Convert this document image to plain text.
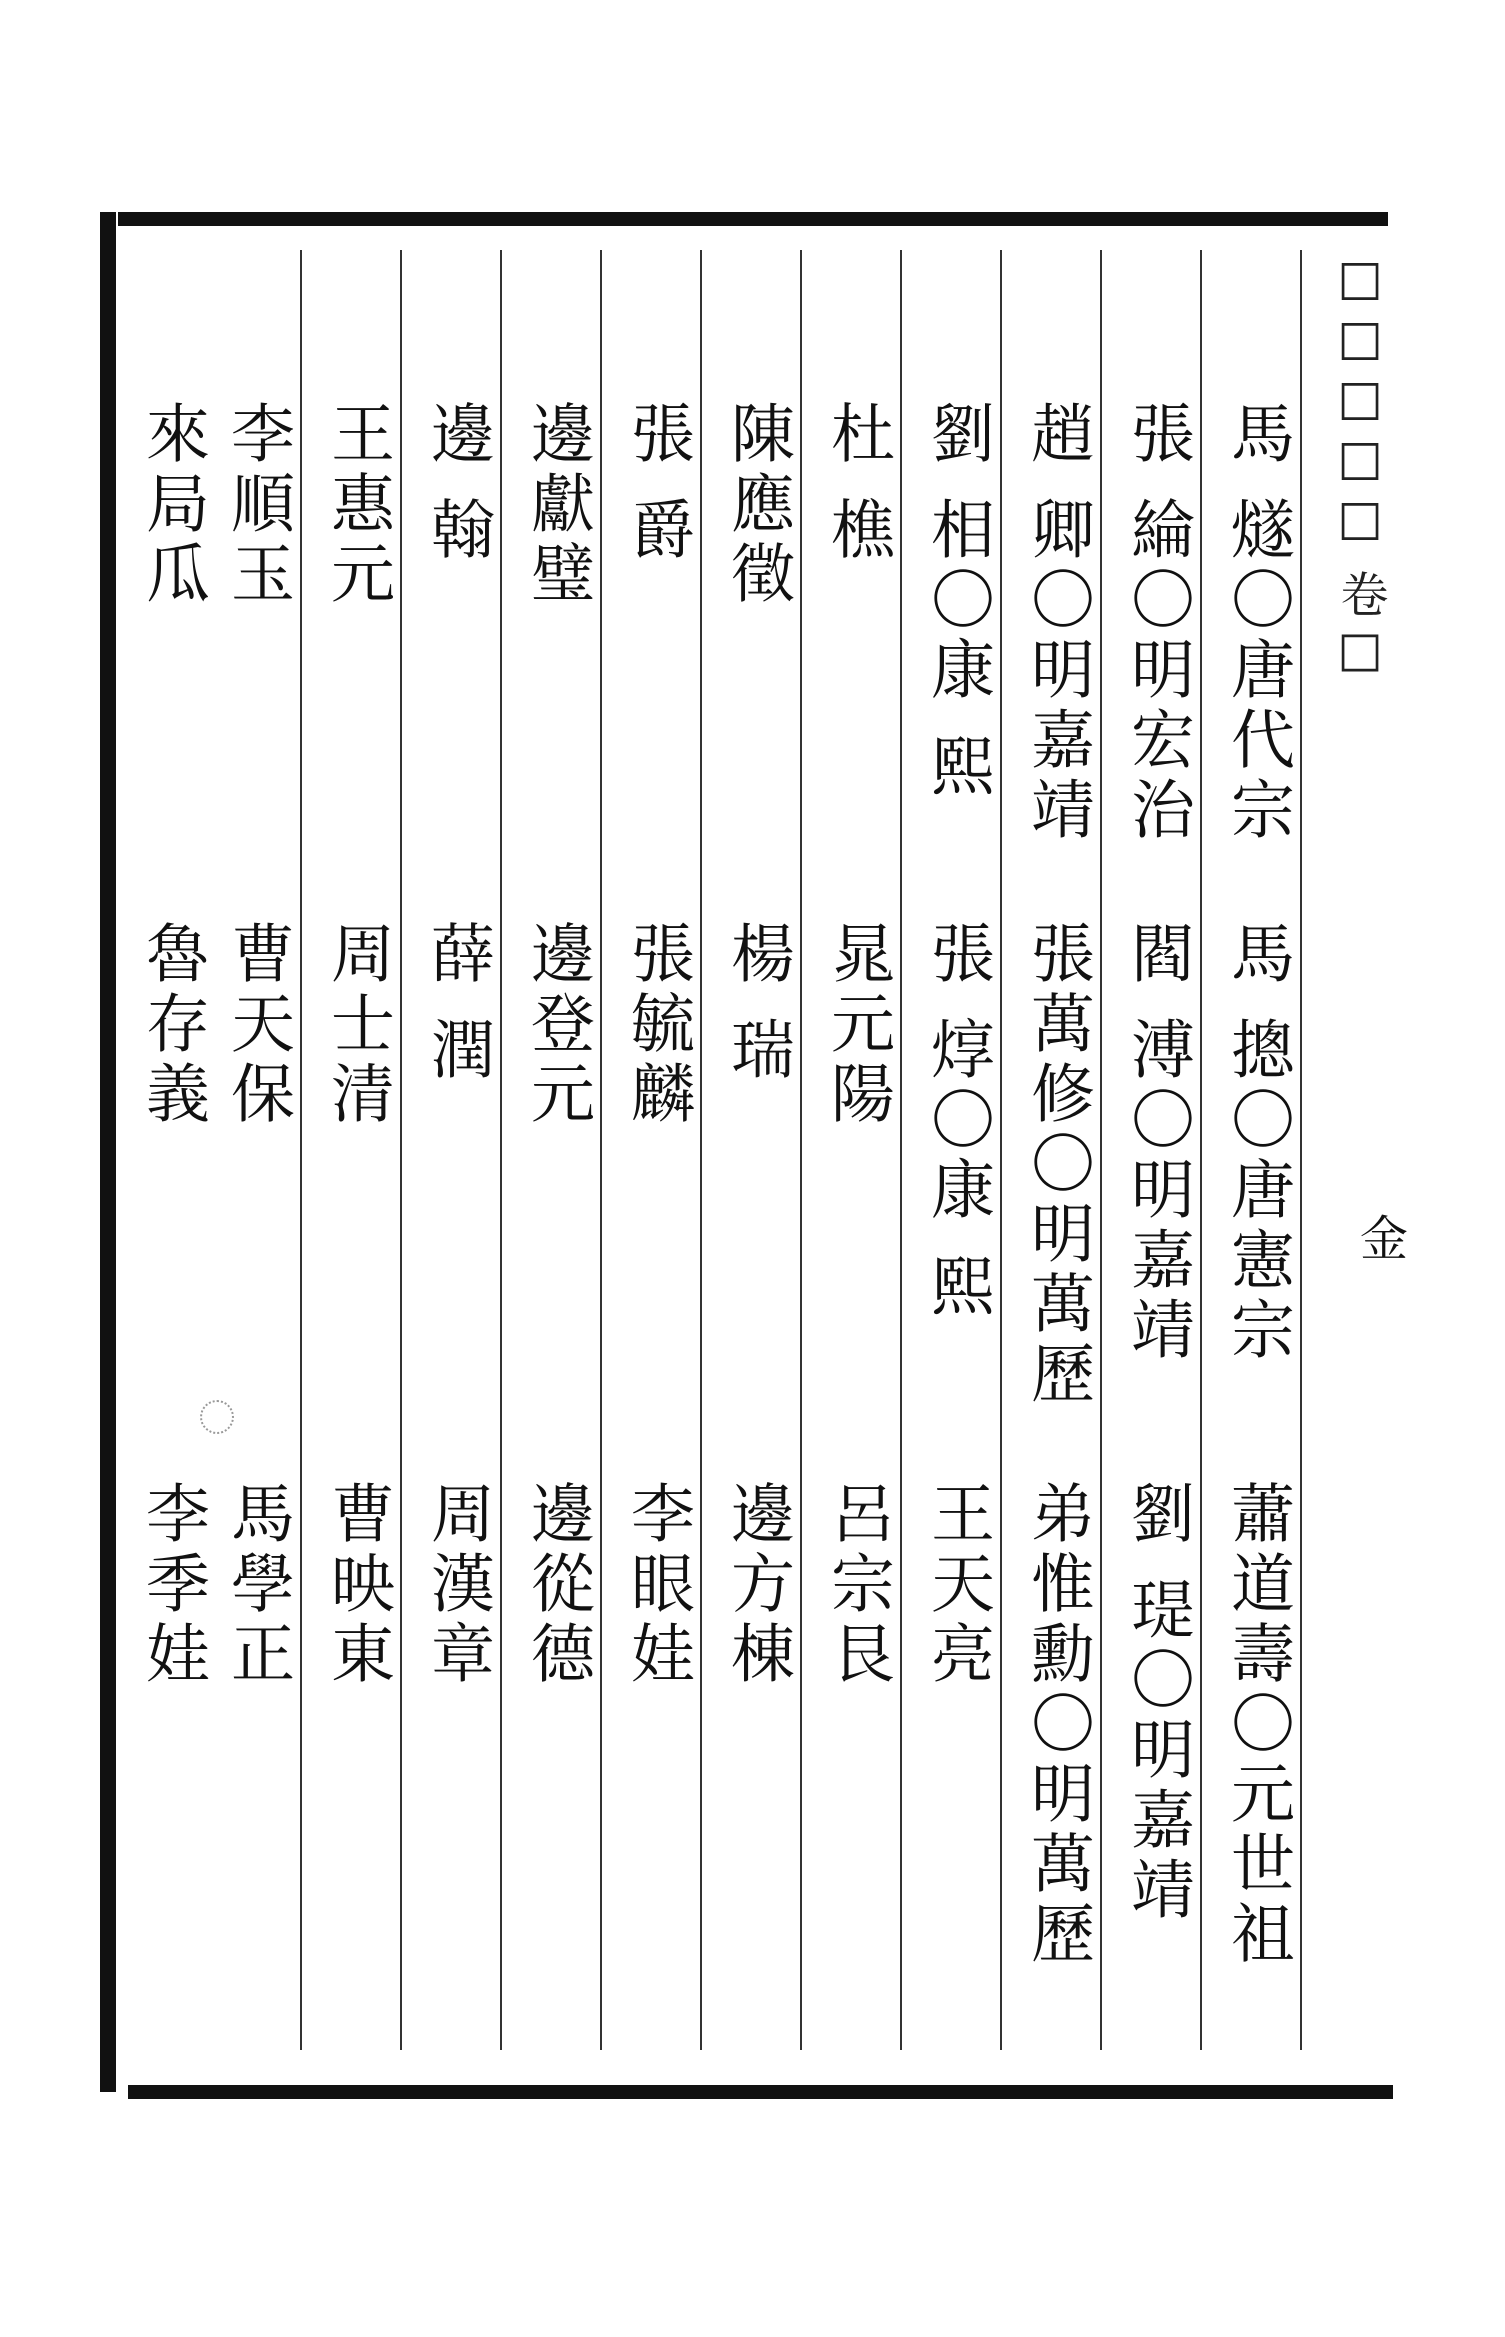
□□□□□ 卷□
金
馬 燧〇唐代宗
馬 摠〇唐憲宗
蕭道壽〇元世祖
張 綸〇明宏治
閻 溥〇明嘉靖
劉 瑅〇明嘉靖
趙 卿〇明嘉靖
張萬修〇明萬歷
弟惟勳〇明萬歷
劉 相〇康 熙
張 焞〇康 熙
王天亮
杜 樵
晁元陽
呂宗艮
陳應徵
楊 瑞
邊方棟
張 爵
張毓麟
李眼娃
邊獻璧
邊登元
邊從德
邊 翰
薛 潤
周漢章
王惠元
周士清
曹映東
李順玉
曹天保
馬學正
來局瓜
魯存義
李季娃
